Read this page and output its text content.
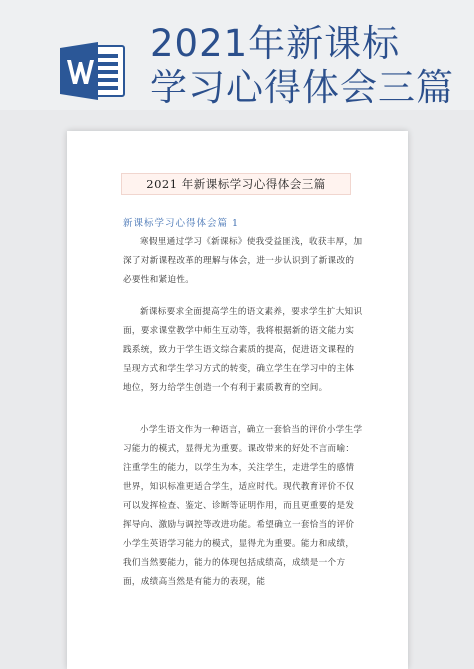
2021年新课标
学习心得体会三篇
2021 年新课标学习心得体会三篇
新课标学习心得体会篇 1

寒假里通过学习《新课标》使我受益匪浅，收获丰厚，加深了对新课程改革的理解与体会，进一步认识到了新课改的必要性和紧迫性。

新课标要求全面提高学生的语文素养，要求学生扩大知识面，要求课堂教学中师生互动等，我将根据新的语文能力实践系统，致力于学生语文综合素质的提高，促进语文课程的呈现方式和学生学习方式的转变，确立学生在学习中的主体地位，努力给学生创造一个有利于素质教育的空间。

小学生语文作为一种语言，确立一套恰当的评价小学生学习能力的模式，显得尤为重要。课改带来的好处不言而喻：注重学生的能力，以学生为本，关注学生，走进学生的感情世界，知识标准更适合学生，适应时代。现代教育评价不仅可以发挥检查、鉴定、诊断等证明作用，而且更重要的是发挥导向、激励与调控等改进功能。希望确立一套恰当的评价小学生英语学习能力的模式，显得尤为重要。能力和成绩，我们当然要能力，能力的体现包括成绩高，成绩是一个方面，成绩高当然是有能力的表现，能
